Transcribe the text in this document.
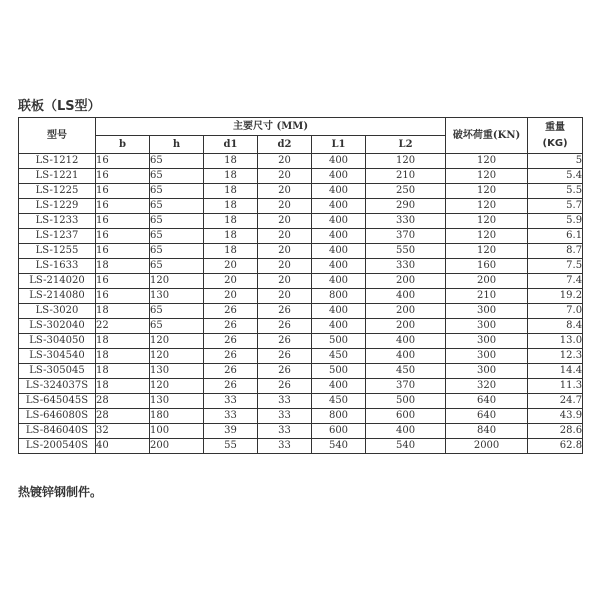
联板（LS型）
型号	主要尺寸 (MM)						破坏荷重(KN)	重量
(KG)
	b	h	d1	d2	L1	L2		
LS-1212	16	65	18	20	400	120	120	5
LS-1221	16	65	18	20	400	210	120	5.4
LS-1225	16	65	18	20	400	250	120	5.5
LS-1229	16	65	18	20	400	290	120	5.7
LS-1233	16	65	18	20	400	330	120	5.9
LS-1237	16	65	18	20	400	370	120	6.1
LS-1255	16	65	18	20	400	550	120	8.7
LS-1633	18	65	20	20	400	330	160	7.5
LS-214020	16	120	20	20	400	200	200	7.4
LS-214080	16	130	20	20	800	400	210	19.2
LS-3020	18	65	26	26	400	200	300	7.0
LS-302040	22	65	26	26	400	200	300	8.4
LS-304050	18	120	26	26	500	400	300	13.0
LS-304540	18	120	26	26	450	400	300	12.3
LS-305045	18	130	26	26	500	450	300	14.4
LS-324037S	18	120	26	26	400	370	320	11.3
LS-645045S	28	130	33	33	450	500	640	24.7
LS-646080S	28	180	33	33	800	600	640	43.9
LS-846040S	32	100	39	33	600	400	840	28.6
LS-200540S	40	200	55	33	540	540	2000	62.8
热镀锌钢制件。
